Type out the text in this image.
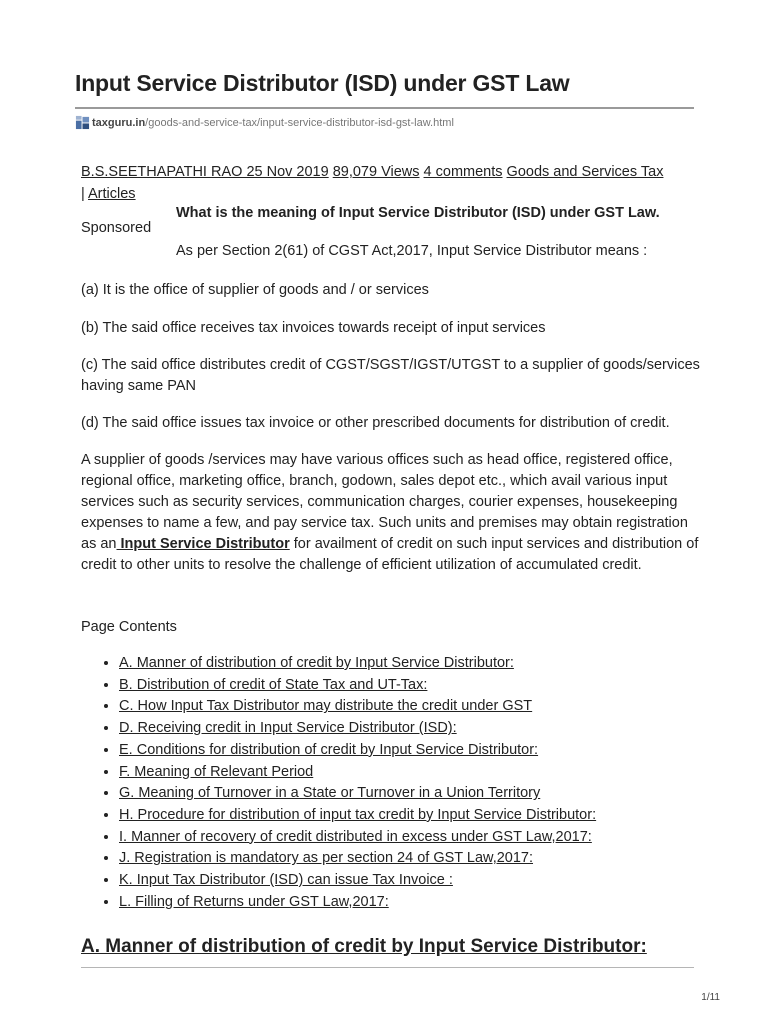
Input Service Distributor (ISD) under GST Law
taxguru.in /goods-and-service-tax/input-service-distributor-isd-gst-law.html
B.S.SEETHAPATHI RAO 25 Nov 2019 89,079 Views 4 comments Goods and Services Tax
| Articles
Sponsored
What is the meaning of Input Service Distributor (ISD) under GST Law.
As per Section 2(61) of CGST Act,2017, Input Service Distributor means :

(a) It is the office of supplier of goods and / or services

(b) The said office receives tax invoices towards receipt of input services

(c) The said office distributes credit of CGST/SGST/IGST/UTGST to a supplier of goods/services having same PAN

(d) The said office issues tax invoice or other prescribed documents for distribution of credit.

A supplier of goods /services may have various offices such as head office, registered office, regional office, marketing office, branch, godown, sales depot etc., which avail various input services such as security services, communication charges, courier expenses, housekeeping expenses to name a few, and pay service tax. Such units and premises may obtain registration as an Input Service Distributor for availment of credit on such input services and distribution of credit to other units to resolve the challenge of efficient utilization of accumulated credit.

Page Contents
• A. Manner of distribution of credit by Input Service Distributor:
• B. Distribution of credit of State Tax and UT-Tax:
• C. How Input Tax Distributor may distribute the credit under GST
• D. Receiving credit in Input Service Distributor (ISD):
• E. Conditions for distribution of credit by Input Service Distributor:
• F. Meaning of Relevant Period
• G. Meaning of Turnover in a State or Turnover in a Union Territory
• H. Procedure for distribution of input tax credit by Input Service Distributor:
• I. Manner of recovery of credit distributed in excess under GST Law,2017:
• J. Registration is mandatory as per section 24 of GST Law,2017:
• K. Input Tax Distributor (ISD) can issue Tax Invoice :
• L. Filling of Returns under GST Law,2017:
A. Manner of distribution of credit by Input Service Distributor:
1/11
